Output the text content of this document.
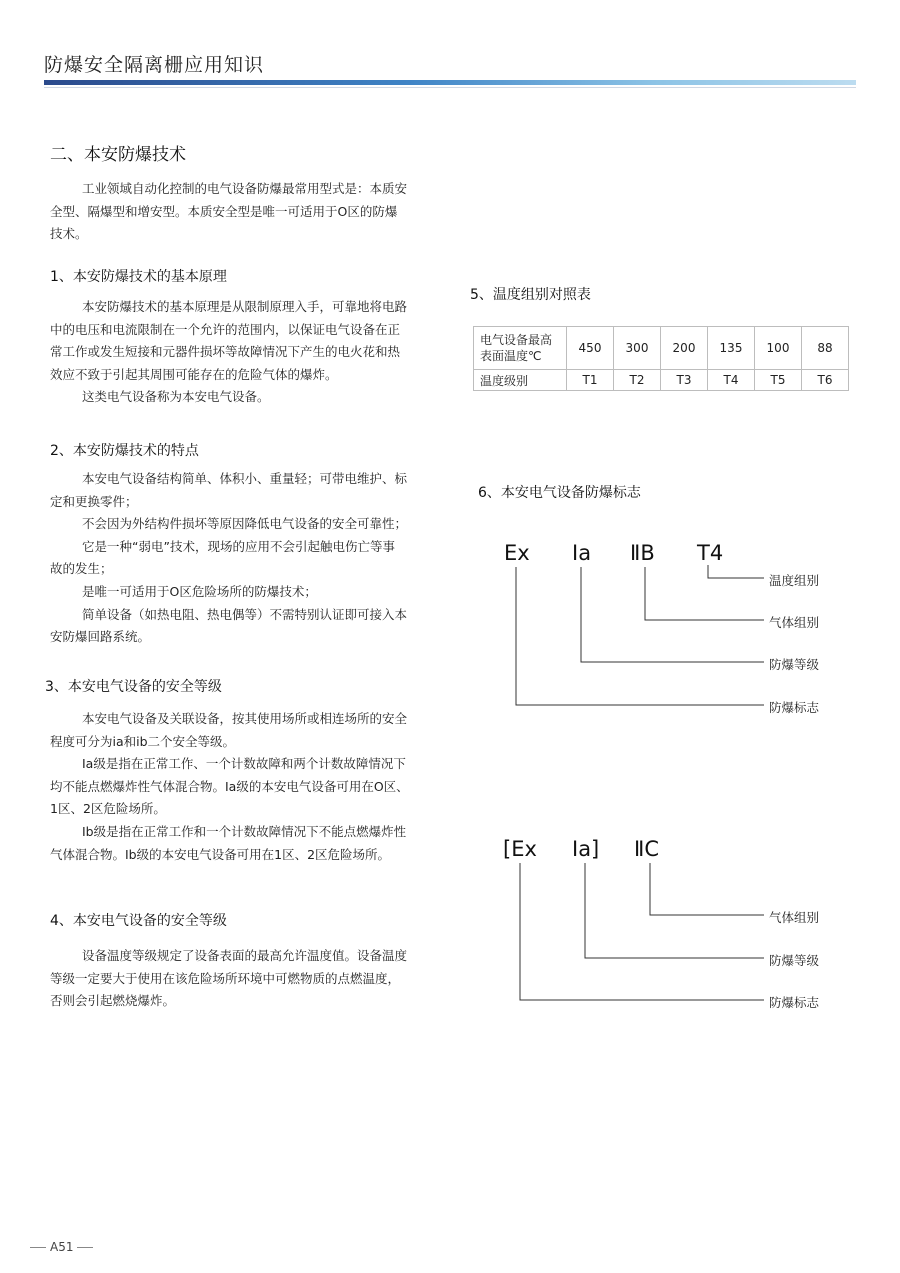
防爆安全隔离栅应用知识
二、本安防爆技术
工业领域自动化控制的电气设备防爆最常用型式是：本质安
全型、隔爆型和增安型。本质安全型是唯一可适用于O区的防爆
技术。
1、本安防爆技术的基本原理
本安防爆技术的基本原理是从限制原理入手，可靠地将电路
中的电压和电流限制在一个允许的范围内，以保证电气设备在正
常工作或发生短接和元器件损坏等故障情况下产生的电火花和热
效应不致于引起其周围可能存在的危险气体的爆炸。
这类电气设备称为本安电气设备。
2、本安防爆技术的特点
本安电气设备结构简单、体积小、重量轻；可带电维护、标
定和更换零件；
不会因为外结构件损坏等原因降低电气设备的安全可靠性；
它是一种“弱电”技术，现场的应用不会引起触电伤亡等事
故的发生；
是唯一可适用于O区危险场所的防爆技术；
简单设备（如热电阻、热电偶等）不需特别认证即可接入本
安防爆回路系统。
3、本安电气设备的安全等级
本安电气设备及关联设备，按其使用场所或相连场所的安全
程度可分为ia和ib二个安全等级。
Ia级是指在正常工作、一个计数故障和两个计数故障情况下
均不能点燃爆炸性气体混合物。Ia级的本安电气设备可用在O区、
1区、2区危险场所。
Ib级是指在正常工作和一个计数故障情况下不能点燃爆炸性
气体混合物。Ib级的本安电气设备可用在1区、2区危险场所。
4、本安电气设备的安全等级
设备温度等级规定了设备表面的最高允许温度值。设备温度
等级一定要大于使用在该危险场所环境中可燃物质的点燃温度，
否则会引起燃烧爆炸。
5、温度组别对照表
电气设备最高
表面温度℃	450	300	200	135	100	88
温度级别	T1	T2	T3	T4	T5	T6
6、本安电气设备防爆标志
Ex Ia ⅡB T4
温度组别
气体组别
防爆等级
防爆标志
[Ex Ia] ⅡC
气体组别
防爆等级
防爆标志
A51
